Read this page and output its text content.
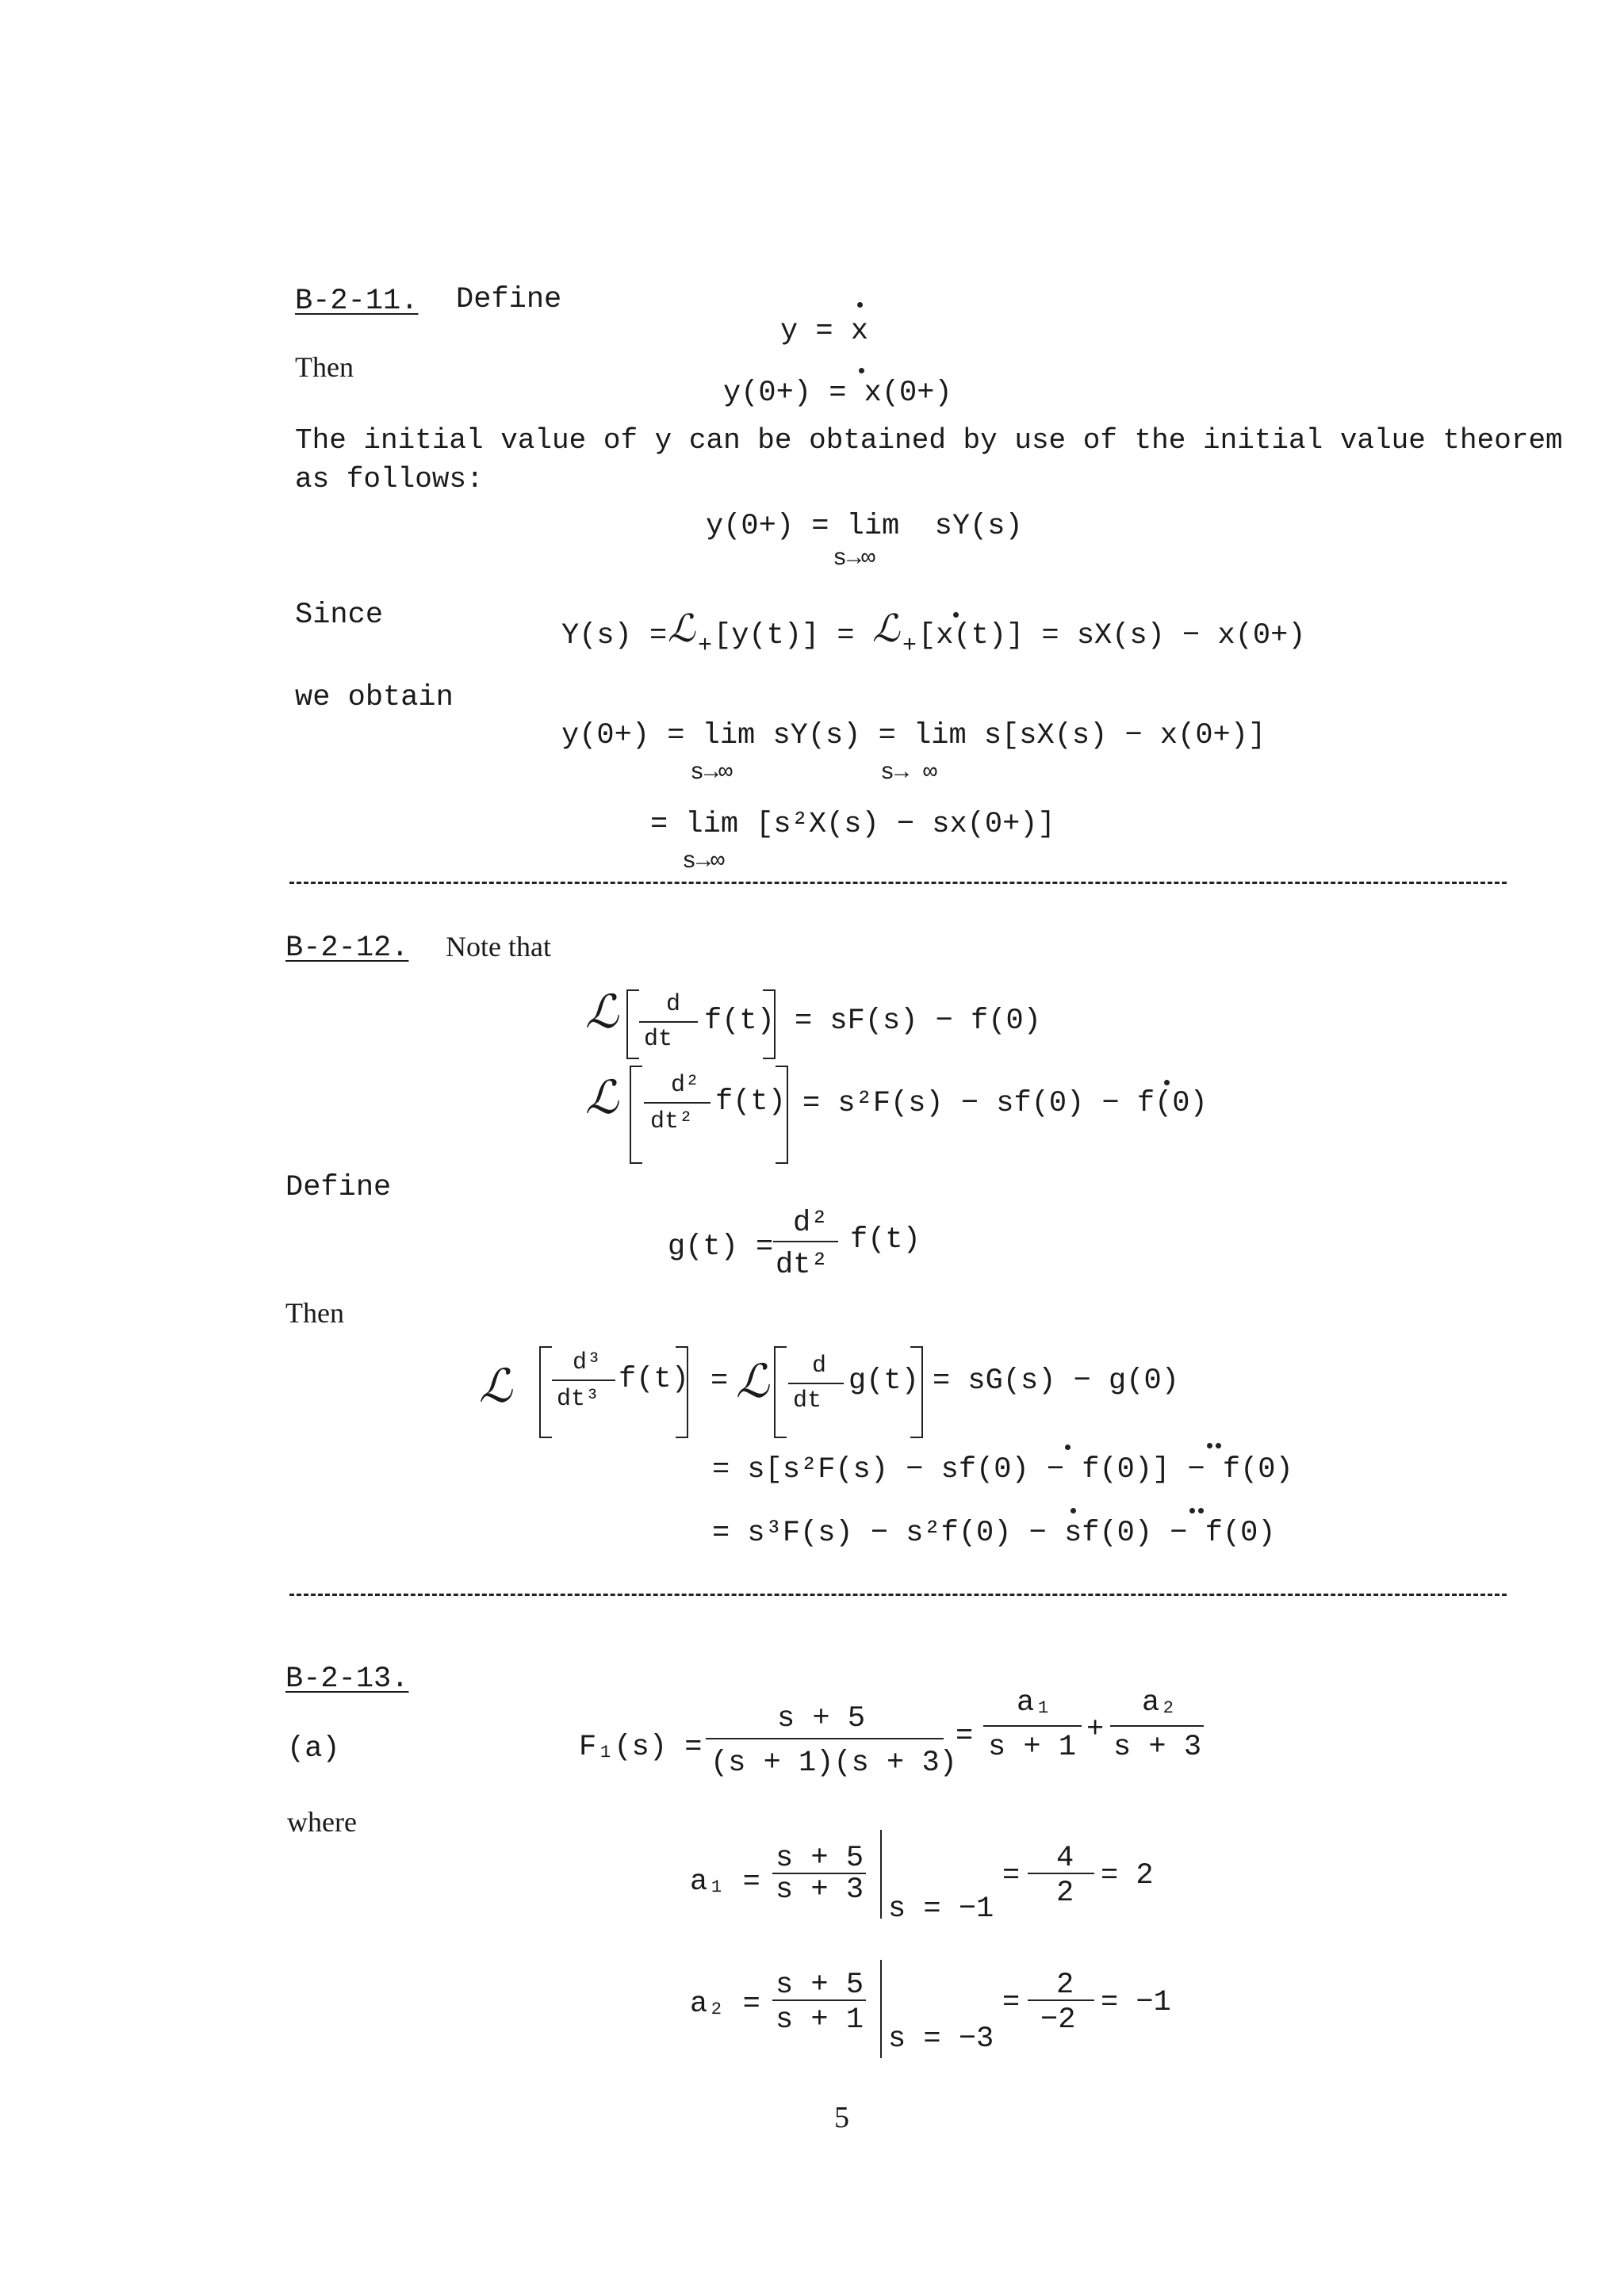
B-2-11. Define
y = x
Then
y(0+) = x(0+)
The initial value of y can be obtained by use of the initial value theorem
as follows:
y(0+) = lim  sY(s)
s→∞
Since
Y(s) = ℒ + [y(t)] = ℒ + [x(t)] = sX(s) − x(0+)
we obtain
y(0+) = lim sY(s) = lim s[sX(s) − x(0+)]
s→∞	s→ ∞
= lim [s²X(s) − sx(0+)]
s→∞
B-2-12. Note that
ℒ d
dt
f(t) = sF(s) − f(0)
ℒ d²
dt²
f(t) = s²F(s) − sf(0) − f(0)
Define
g(t) =
d²
dt²
f(t)
Then
ℒ	d³
dt³
f(t) = ℒ d
dt
g(t) = sG(s) − g(0)
= s[s²F(s) − sf(0) − f(0)] − f(0)
= s³F(s) − s²f(0) − sf(0) − f(0)
B-2-13.
(a)	F₁(s) =
s + 5
(s + 1)(s + 3)
=
a₁
s + 1
+
a₂
s + 3
where
a₁ =
s + 5
s + 3
s = −1
=
4
2
= 2
a₂ =
s + 5
s + 1
s = −3
=
2
−2
= −1
5
